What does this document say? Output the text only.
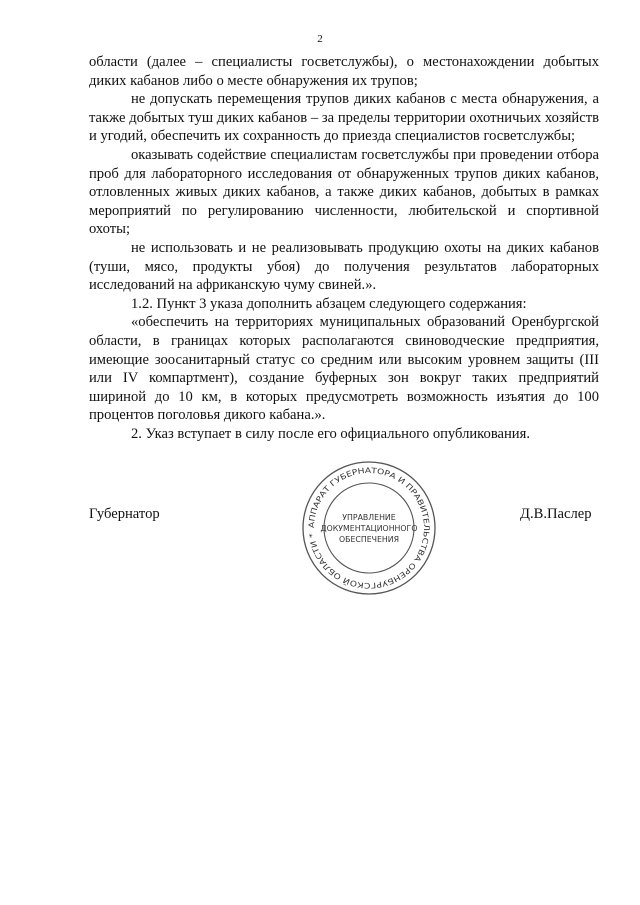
2

области (далее – специалисты госветслужбы), о местонахождении добытых диких кабанов либо о месте обнаружения их трупов;

не допускать перемещения трупов диких кабанов с места обнаружения, а также добытых туш диких кабанов – за пределы территории охотничьих хозяйств и угодий, обеспечить их сохранность до приезда специалистов госветслужбы;

оказывать содействие специалистам госветслужбы при проведении отбора проб для лабораторного исследования от обнаруженных трупов диких кабанов, отловленных живых диких кабанов, а также диких кабанов, добытых в рамках мероприятий по регулированию численности, любительской и спортивной охоты;

не использовать и не реализовывать продукцию охоты на диких кабанов (туши, мясо, продукты убоя) до получения результатов лабораторных исследований на африканскую чуму свиней.».

1.2. Пункт 3 указа дополнить абзацем следующего содержания:

«обеспечить на территориях муниципальных образований Оренбургской области, в границах которых располагаются свиноводческие предприятия, имеющие зоосанитарный статус со средним или высоким уровнем защиты (III или IV компартмент), создание буферных зон вокруг таких предприятий шириной до 10 км, в которых предусмотреть возможность изъятия до 100 процентов поголовья дикого кабана.».

2. Указ вступает в силу после его официального опубликования.

Губернатор	Д.В.Паслер
АППАРАТ ГУБЕРНАТОРА И ПРАВИТЕЛЬСТВА ОРЕНБУРГСКОЙ ОБЛАСТИ *
УПРАВЛЕНИЕ
ДОКУМЕНТАЦИОННОГО
ОБЕСПЕЧЕНИЯ
